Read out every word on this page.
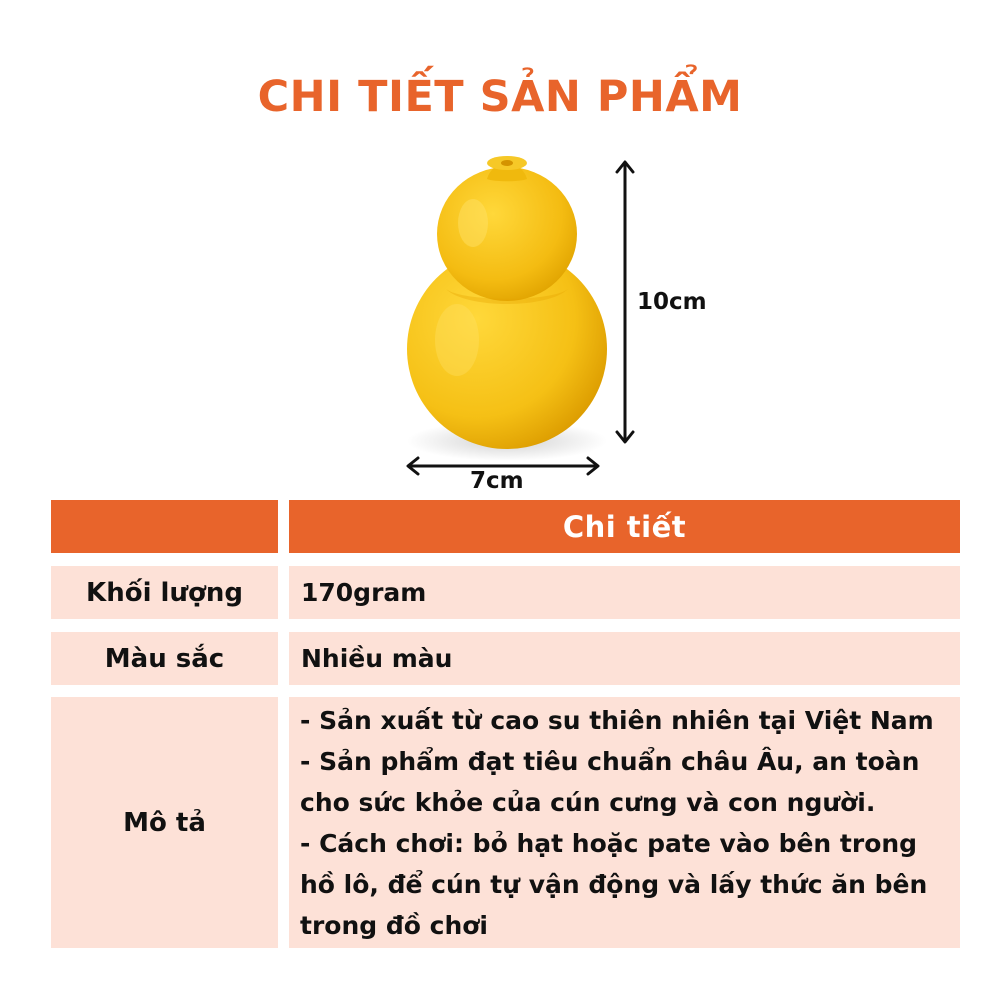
CHI TIẾT SẢN PHẨM
10cm
7cm
Chi tiết
Khối lượng 170gram
Màu sắc	Nhiều màu
Mô tả
- Sản xuất từ cao su thiên nhiên tại Việt Nam
- Sản phẩm đạt tiêu chuẩn châu Âu, an toàn
cho sức khỏe của cún cưng và con người.
- Cách chơi: bỏ hạt hoặc pate vào bên trong
hồ lô, để cún tự vận động và lấy thức ăn bên
trong đồ chơi
